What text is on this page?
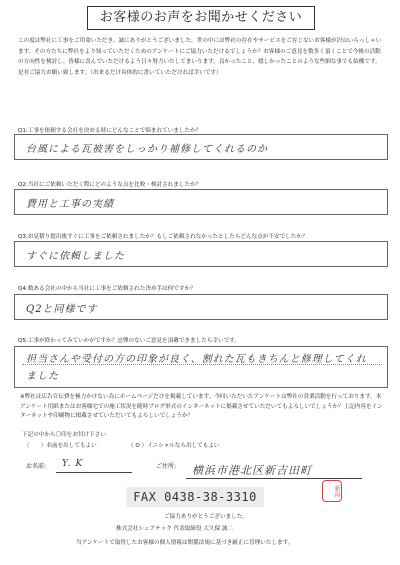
お客様のお声をお聞かせください
この度は弊社に工事をご用命いただき、誠にありがとうございました。世の中には弊社の存在やサービスをご存じないお客様が沢山いらっしゃいます。その方たちに弊社をより知っていただくためのアンケートにご協力いただけるでしょうか？お客様のご意見を数多く頂くことで今後の活動の方向性を検討し、皆様に喜んでいただけるよう日々努力いたしてまいります。良かったこと、嬉しかったことのような些細な事でも結構です。是非ご協力お願い致します。（出来るだけ具体的に書いていただければ幸いです）
Q1:工事を依頼する会社を決める時にどんなことで悩まれていましたか？
台風による瓦被害をしっかり補修してくれるのか
Q2:当社にご依頼いただく際にどのような点を比較・検討されましたか？
費用と工事の実績
Q3:お見積り提出後すぐに工事をご依頼されましたか？もしご依頼されなかったとしたらどんな点が不安でしたか？
すぐに依頼しました
Q4:数ある会社の中から当社に工事をご依頼された決め手は何ですか？
Q2と同様です
Q5:工事が終わってみていかがですか？忌憚のないご意見を頂戴できましたら幸いです。
担当さんや受付の方の印象が良く、割れた瓦もきちんと修理してくれ
ました
※弊社は広告宣伝費を極力かけない為にホームページだけを掲載しています。今回いただいたアンケートは弊社の営業活動を行っております。本アンケート用紙またはお客様宅での施工状況を随時ブログ形式のインターネットに掲載させていただいてもよろしいでしょうか？上記内容をインターネットや印刷物に掲載させていただいてもよろしいでしょうか？
下記の中から〇印をお付け下さい
（　　）名前を出してもよい	（ O ）イニシャルなら出してもよい
お名前: Y. K	ご住所: 横浜市港北区新吉田町
FAX 0438-38-3310	新海
ご協力ありがとうございました。
株式会社シェアテック 代表取締役 大久保 誠二
当アンケートで取得したお客様の個人情報は関係法規に基づき厳正に管理いたします。
